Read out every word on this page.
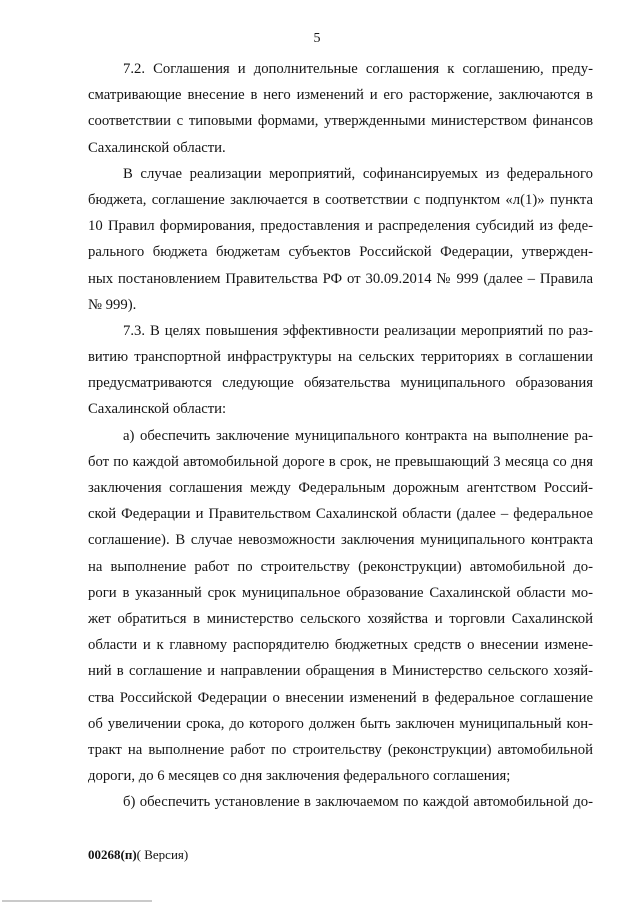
5
7.2. Соглашения и дополнительные соглашения к соглашению, преду-
сматривающие внесение в него изменений и его расторжение, заключаются в
соответствии с типовыми формами, утвержденными министерством финансов
Сахалинской области.
В случае реализации мероприятий, софинансируемых из федерального
бюджета, соглашение заключается в соответствии с подпунктом «л(1)» пункта
10 Правил формирования, предоставления и распределения субсидий из феде-
рального бюджета бюджетам субъектов Российской Федерации, утвержден-
ных постановлением Правительства РФ от 30.09.2014 № 999 (далее – Правила
№ 999).
7.3. В целях повышения эффективности реализации мероприятий по раз-
витию транспортной инфраструктуры на сельских территориях в соглашении
предусматриваются следующие обязательства муниципального образования
Сахалинской области:
а) обеспечить заключение муниципального контракта на выполнение ра-
бот по каждой автомобильной дороге в срок, не превышающий 3 месяца со дня
заключения соглашения между Федеральным дорожным агентством Россий-
ской Федерации и Правительством Сахалинской области (далее – федеральное
соглашение). В случае невозможности заключения муниципального контракта
на выполнение работ по строительству (реконструкции) автомобильной до-
роги в указанный срок муниципальное образование Сахалинской области мо-
жет обратиться в министерство сельского хозяйства и торговли Сахалинской
области и к главному распорядителю бюджетных средств о внесении измене-
ний в соглашение и направлении обращения в Министерство сельского хозяй-
ства Российской Федерации о внесении изменений в федеральное соглашение
об увеличении срока, до которого должен быть заключен муниципальный кон-
тракт на выполнение работ по строительству (реконструкции) автомобильной
дороги, до 6 месяцев со дня заключения федерального соглашения;
б) обеспечить установление в заключаемом по каждой автомобильной до-
00268(п)( Версия)
